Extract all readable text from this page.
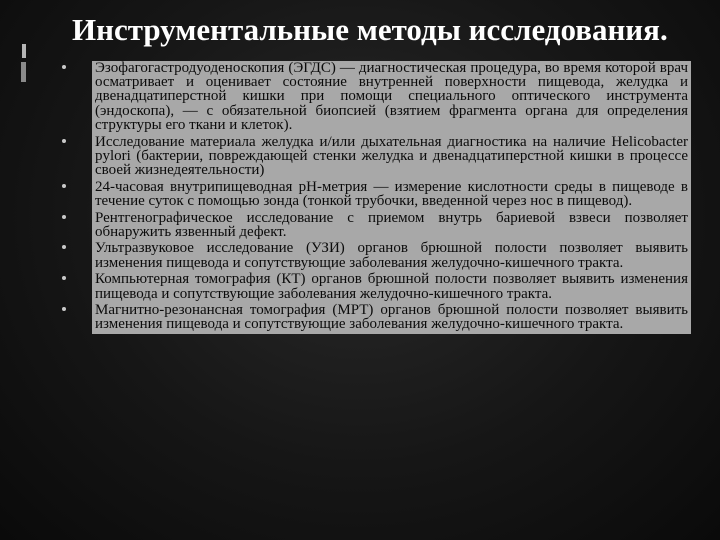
Инструментальные методы исследования.
Эзофагогастродуоденоскопия (ЭГДС) — диагностическая процедура, во время которой врач осматривает и оценивает состояние внутренней поверхности пищевода, желудка и двенадцатиперстной кишки при помощи специального оптического инструмента (эндоскопа), — с обязательной биопсией (взятием фрагмента органа для определения структуры его ткани и клеток).
Исследование материала желудка и/или дыхательная диагностика на наличие Helicobacter pylori (бактерии, повреждающей стенки желудка и двенадцатиперстной кишки в процессе своей жизнедеятельности)
24-часовая внутрипищеводная pH-метрия — измерение кислотности среды в пищеводе в течение суток с помощью зонда (тонкой трубочки, введенной через нос в пищевод).
Рентгенографическое исследование с приемом внутрь бариевой взвеси позволяет обнаружить язвенный дефект.
Ультразвуковое исследование (УЗИ) органов брюшной полости позволяет выявить изменения пищевода и сопутствующие заболевания желудочно-кишечного тракта.
Компьютерная томография (КТ) органов брюшной полости позволяет выявить изменения пищевода и сопутствующие заболевания желудочно-кишечного тракта.
Магнитно-резонансная томография (МРТ) органов брюшной полости позволяет выявить изменения пищевода и сопутствующие заболевания желудочно-кишечного тракта.
